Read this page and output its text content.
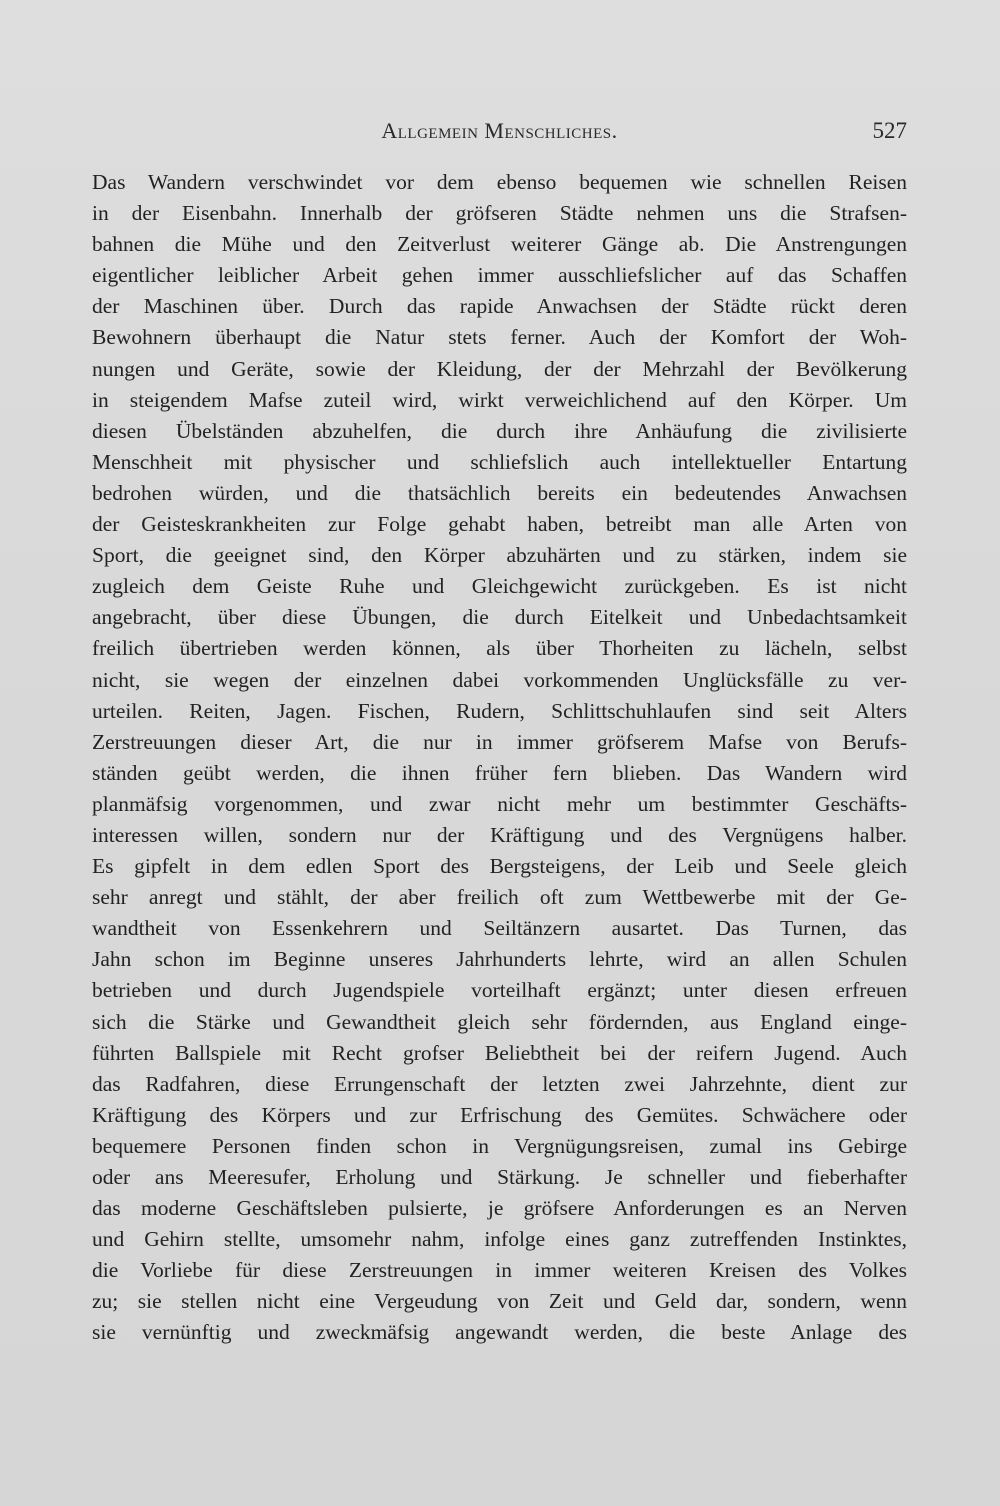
Allgemein Menschliches.	527
Das Wandern verschwindet vor dem ebenso bequemen wie schnellen Reisen
in der Eisenbahn. Innerhalb der gröfseren Städte nehmen uns die Strafsen-
bahnen die Mühe und den Zeitverlust weiterer Gänge ab. Die Anstrengungen
eigentlicher leiblicher Arbeit gehen immer ausschliefslicher auf das Schaffen
der Maschinen über. Durch das rapide Anwachsen der Städte rückt deren
Bewohnern überhaupt die Natur stets ferner. Auch der Komfort der Woh-
nungen und Geräte, sowie der Kleidung, der der Mehrzahl der Bevölkerung
in steigendem Mafse zuteil wird, wirkt verweichlichend auf den Körper. Um
diesen Übelständen abzuhelfen, die durch ihre Anhäufung die zivilisierte
Menschheit mit physischer und schliefslich auch intellektueller Entartung
bedrohen würden, und die thatsächlich bereits ein bedeutendes Anwachsen
der Geisteskrankheiten zur Folge gehabt haben, betreibt man alle Arten von
Sport, die geeignet sind, den Körper abzuhärten und zu stärken, indem sie
zugleich dem Geiste Ruhe und Gleichgewicht zurückgeben. Es ist nicht
angebracht, über diese Übungen, die durch Eitelkeit und Unbedachtsamkeit
freilich übertrieben werden können, als über Thorheiten zu lächeln, selbst
nicht, sie wegen der einzelnen dabei vorkommenden Unglücksfälle zu ver-
urteilen. Reiten, Jagen. Fischen, Rudern, Schlittschuhlaufen sind seit Alters
Zerstreuungen dieser Art, die nur in immer gröfserem Mafse von Berufs-
ständen geübt werden, die ihnen früher fern blieben. Das Wandern wird
planmäfsig vorgenommen, und zwar nicht mehr um bestimmter Geschäfts-
interessen willen, sondern nur der Kräftigung und des Vergnügens halber.
Es gipfelt in dem edlen Sport des Bergsteigens, der Leib und Seele gleich
sehr anregt und stählt, der aber freilich oft zum Wettbewerbe mit der Ge-
wandtheit von Essenkehrern und Seiltänzern ausartet. Das Turnen, das
Jahn schon im Beginne unseres Jahrhunderts lehrte, wird an allen Schulen
betrieben und durch Jugendspiele vorteilhaft ergänzt; unter diesen erfreuen
sich die Stärke und Gewandtheit gleich sehr fördernden, aus England einge-
führten Ballspiele mit Recht grofser Beliebtheit bei der reifern Jugend. Auch
das Radfahren, diese Errungenschaft der letzten zwei Jahrzehnte, dient zur
Kräftigung des Körpers und zur Erfrischung des Gemütes. Schwächere oder
bequemere Personen finden schon in Vergnügungsreisen, zumal ins Gebirge
oder ans Meeresufer, Erholung und Stärkung. Je schneller und fieberhafter
das moderne Geschäftsleben pulsierte, je gröfsere Anforderungen es an Nerven
und Gehirn stellte, umsomehr nahm, infolge eines ganz zutreffenden Instinktes,
die Vorliebe für diese Zerstreuungen in immer weiteren Kreisen des Volkes
zu; sie stellen nicht eine Vergeudung von Zeit und Geld dar, sondern, wenn
sie vernünftig und zweckmäfsig angewandt werden, die beste Anlage des
